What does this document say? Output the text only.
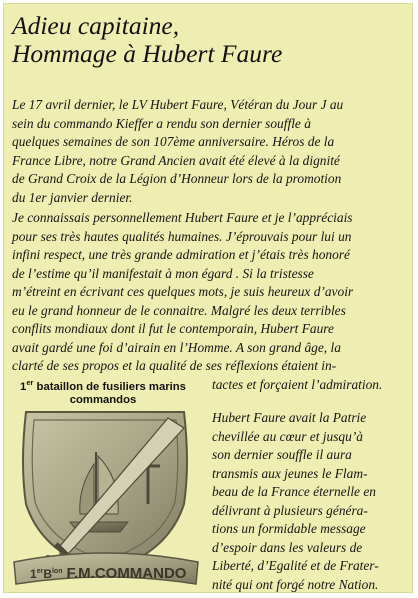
Adieu capitaine,
Hommage à Hubert Faure
Le 17 avril dernier, le LV Hubert Faure, Vétéran du Jour J au
sein du commando Kieffer a rendu son dernier souffle à
quelques semaines de son 107ème anniversaire. Héros de la
France Libre, notre Grand Ancien avait été élevé à la dignité
de Grand Croix de la Légion d’Honneur lors de la promotion
du 1er janvier dernier.
Je connaissais personnellement Hubert Faure et je l’appréciais
pour ses très hautes qualités humaines. J’éprouvais pour lui un
infini respect, une très grande admiration et j’étais très honoré
de l’estime qu’il manifestait à mon égard . Si la tristesse
m’étreint en écrivant ces quelques mots, je suis heureux d’avoir
eu le grand honneur de le connaitre. Malgré les deux terribles
conflits mondiaux dont il fut le contemporain, Hubert Faure
avait gardé une foi d’airain en l’Homme. A son grand âge, la
clarté de ses propos et la qualité de ses réflexions étaient in-
tactes et forçaient l’admiration.
1er bataillon de fusiliers marins
commandos
$1erB^{lon}$ F.M.COMMANDO
Hubert Faure avait la Patrie
chevillée au cœur et jusqu’à
son dernier souffle il aura
transmis aux jeunes le Flam-
beau de la France éternelle en
délivrant à plusieurs généra-
tions un formidable message
d’espoir dans les valeurs de
Liberté, d’Egalité et de Frater-
nité qui ont forgé notre Nation.
